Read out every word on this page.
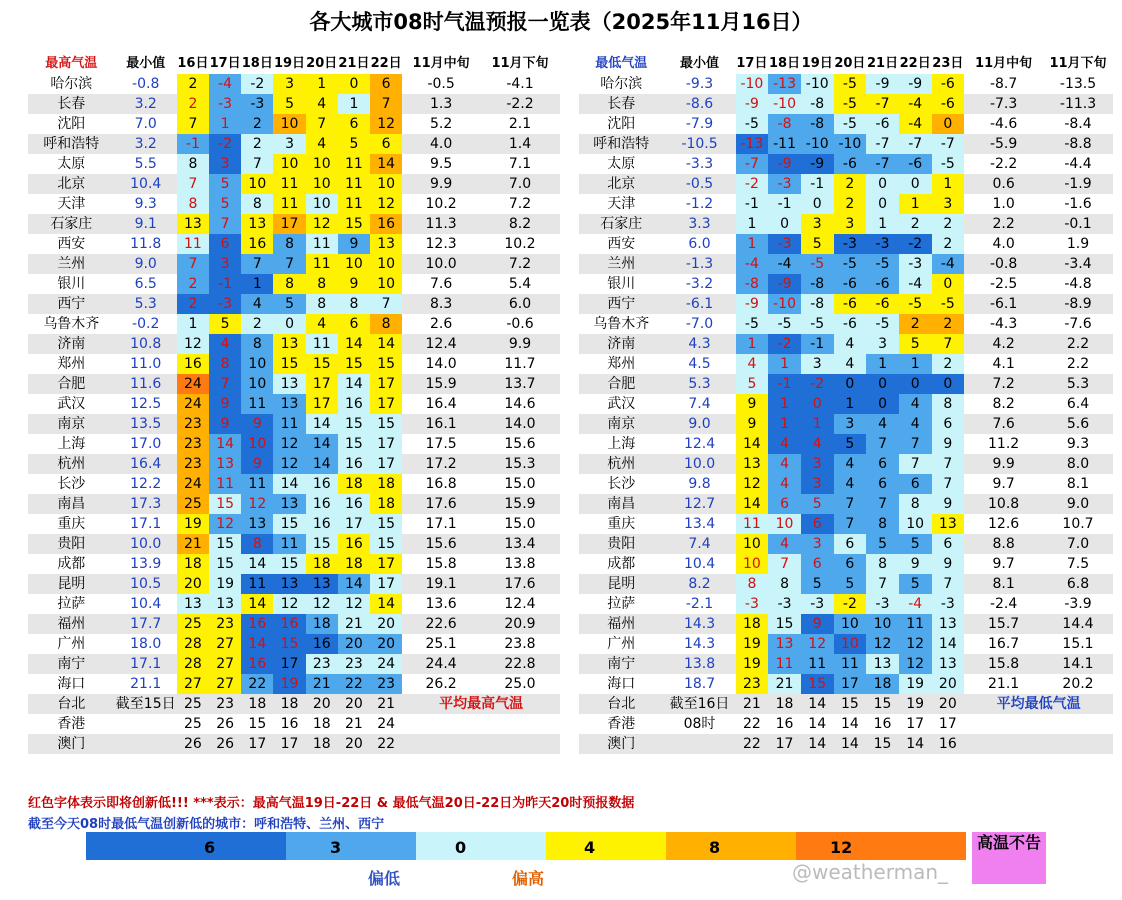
各大城市08时气温预报一览表（2025年11月16日）
最高气温	最小值	16日	17日	18日	19日	20日	21日	22日	11月中旬	11月下旬
哈尔滨	-0.8	2	-4	-2	3	1	0	6	-0.5	-4.1
长春	3.2	2	-3	-3	5	4	1	7	1.3	-2.2
沈阳	7.0	7	1	2	10	7	6	12	5.2	2.1
呼和浩特	3.2	-1	-2	2	3	4	5	6	4.0	1.4
太原	5.5	8	3	7	10	10	11	14	9.5	7.1
北京	10.4	7	5	10	11	10	11	10	9.9	7.0
天津	9.3	8	5	8	11	10	11	12	10.2	7.2
石家庄	9.1	13	7	13	17	12	15	16	11.3	8.2
西安	11.8	11	6	16	8	11	9	13	12.3	10.2
兰州	9.0	7	3	7	7	11	10	10	10.0	7.2
银川	6.5	2	-1	1	8	8	9	10	7.6	5.4
西宁	5.3	2	-3	4	5	8	8	7	8.3	6.0
乌鲁木齐	-0.2	1	5	2	0	4	6	8	2.6	-0.6
济南	10.8	12	4	8	13	11	14	14	12.4	9.9
郑州	11.0	16	8	10	15	15	15	15	14.0	11.7
合肥	11.6	24	7	10	13	17	14	17	15.9	13.7
武汉	12.5	24	9	11	13	17	16	17	16.4	14.6
南京	13.5	23	9	9	11	14	15	15	16.1	14.0
上海	17.0	23	14	10	12	14	15	17	17.5	15.6
杭州	16.4	23	13	9	12	14	16	17	17.2	15.3
长沙	12.2	24	11	11	14	16	18	18	16.8	15.0
南昌	17.3	25	15	12	13	16	16	18	17.6	15.9
重庆	17.1	19	12	13	15	16	17	15	17.1	15.0
贵阳	10.0	21	15	8	11	15	16	15	15.6	13.4
成都	13.9	18	15	14	15	18	18	17	15.8	13.8
昆明	10.5	20	19	11	13	13	14	17	19.1	17.6
拉萨	10.4	13	13	14	12	12	12	14	13.6	12.4
福州	17.7	25	23	16	16	18	21	20	22.6	20.9
广州	18.0	28	27	14	15	16	20	20	25.1	23.8
南宁	17.1	28	27	16	17	23	23	24	24.4	22.8
海口	21.1	27	27	22	19	21	22	23	26.2	25.0
台北	截至15日	25	23	18	18	20	20	21	平均最高气温	
香港		25	26	15	16	18	21	24		
澳门		26	26	17	17	18	20	22		
最低气温	最小值	17日	18日	19日	20日	21日	22日	23日	11月中旬	11月下旬
哈尔滨	-9.3	-10	-13	-10	-5	-9	-9	-6	-8.7	-13.5
长春	-8.6	-9	-10	-8	-5	-7	-4	-6	-7.3	-11.3
沈阳	-7.9	-5	-8	-8	-5	-6	-4	0	-4.6	-8.4
呼和浩特	-10.5	-13	-11	-10	-10	-7	-7	-7	-5.9	-8.8
太原	-3.3	-7	-9	-9	-6	-7	-6	-5	-2.2	-4.4
北京	-0.5	-2	-3	-1	2	0	0	1	0.6	-1.9
天津	-1.2	-1	-1	0	2	0	1	3	1.0	-1.6
石家庄	3.3	1	0	3	3	1	2	2	2.2	-0.1
西安	6.0	1	-3	5	-3	-3	-2	2	4.0	1.9
兰州	-1.3	-4	-4	-5	-5	-5	-3	-4	-0.8	-3.4
银川	-3.2	-8	-9	-8	-6	-6	-4	0	-2.5	-4.8
西宁	-6.1	-9	-10	-8	-6	-6	-5	-5	-6.1	-8.9
乌鲁木齐	-7.0	-5	-5	-5	-6	-5	2	2	-4.3	-7.6
济南	4.3	1	-2	-1	4	3	5	7	4.2	2.2
郑州	4.5	4	1	3	4	1	1	2	4.1	2.2
合肥	5.3	5	-1	-2	0	0	0	0	7.2	5.3
武汉	7.4	9	1	0	1	0	4	8	8.2	6.4
南京	9.0	9	1	1	3	4	4	6	7.6	5.6
上海	12.4	14	4	4	5	7	7	9	11.2	9.3
杭州	10.0	13	4	3	4	6	7	7	9.9	8.0
长沙	9.8	12	4	3	4	6	6	7	9.7	8.1
南昌	12.7	14	6	5	7	7	8	9	10.8	9.0
重庆	13.4	11	10	6	7	8	10	13	12.6	10.7
贵阳	7.4	10	4	3	6	5	5	6	8.8	7.0
成都	10.4	10	7	6	6	8	9	9	9.7	7.5
昆明	8.2	8	8	5	5	7	5	7	8.1	6.8
拉萨	-2.1	-3	-3	-3	-2	-3	-4	-3	-2.4	-3.9
福州	14.3	18	15	9	10	10	11	13	15.7	14.4
广州	14.3	19	13	12	10	12	12	14	16.7	15.1
南宁	13.8	19	11	11	11	13	12	13	15.8	14.1
海口	18.7	23	21	15	17	18	19	20	21.1	20.2
台北	截至16日	21	18	14	15	15	19	20	平均最低气温	
香港	08时	22	16	14	14	16	17	17		
澳门		22	17	14	14	15	14	16		
红色字体表示即将创新低!!! ***表示：最高气温19日-22日 & 最低气温20日-22日为昨天20时预报数据
截至今天08时最低气温创新低的城市：呼和浩特、兰州、西宁
6	3	0	4	8	12	高温不告
偏低	偏高	@weatherman_
